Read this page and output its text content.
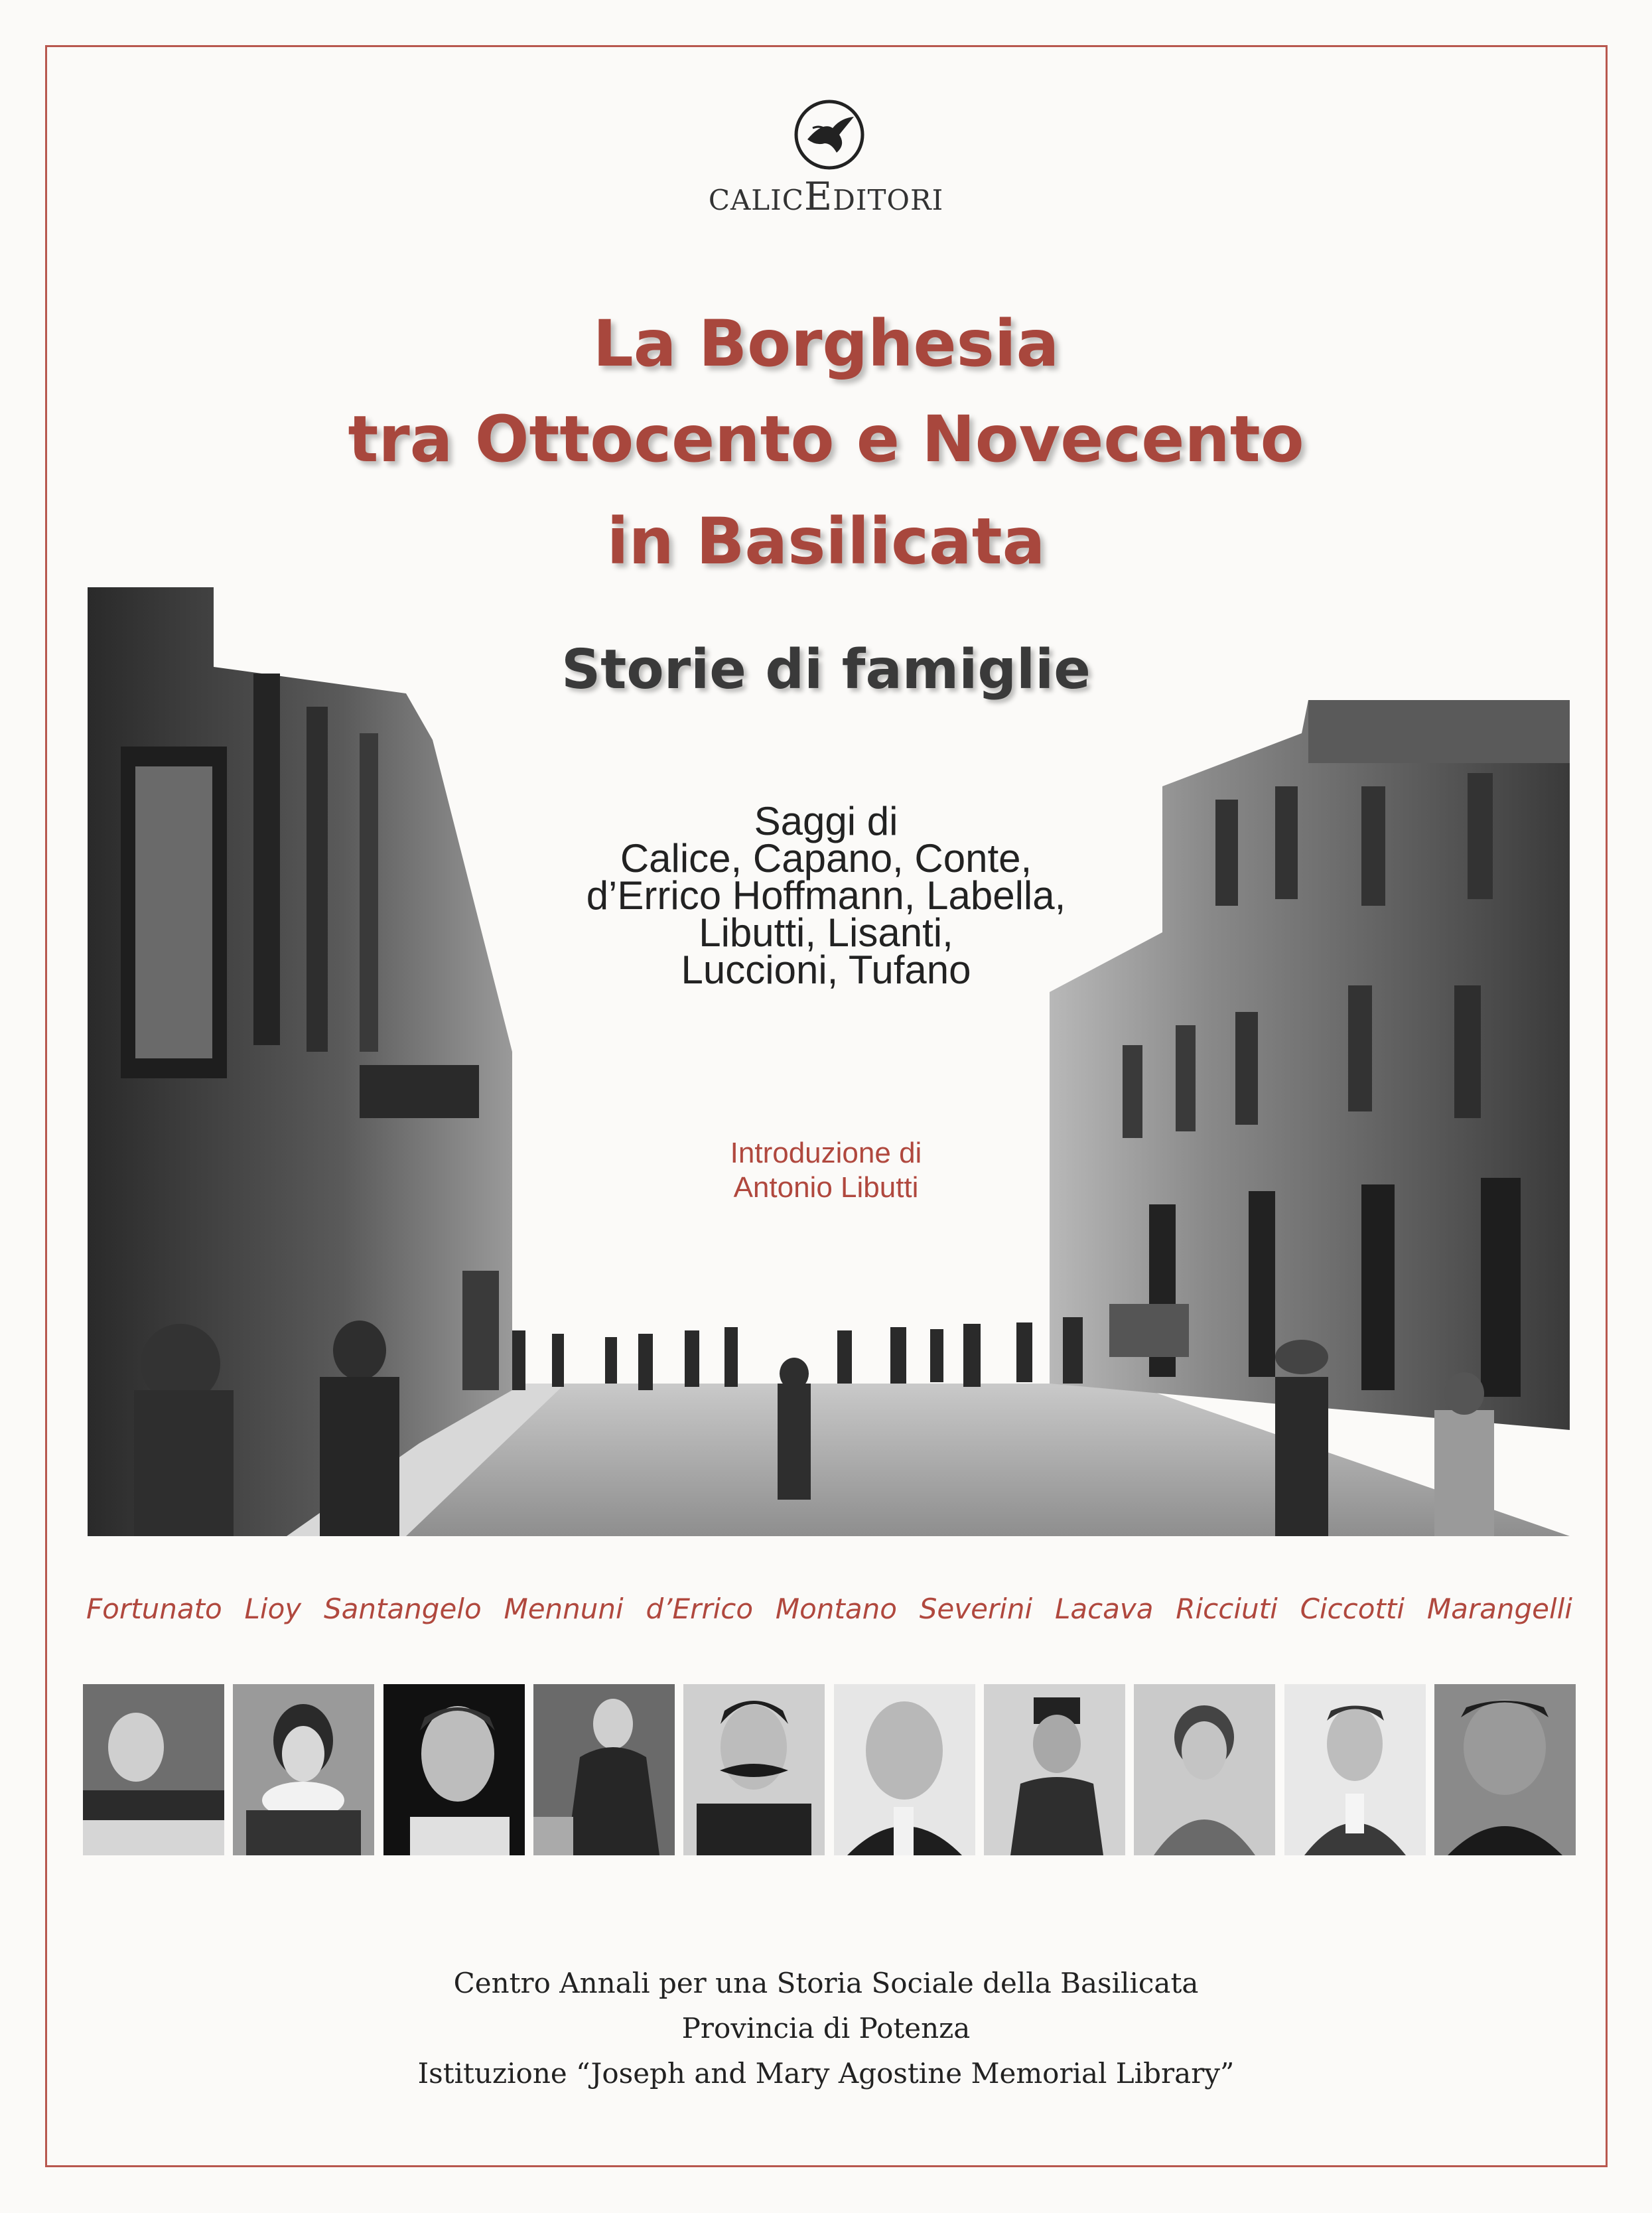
CALICEDITORI
La Borghesia
tra Ottocento e Novecento
in Basilicata
Storie di famiglie
Saggi di
Calice, Capano, Conte,
d’Errico Hoffmann, Labella,
Libutti, Lisanti,
Luccioni, Tufano
Introduzione di
Antonio Libutti
Fortunato Lioy Santangelo Mennuni d’Errico Montano Severini Lacava Ricciuti Ciccotti Marangelli
Centro Annali per una Storia Sociale della Basilicata
Provincia di Potenza
Istituzione “Joseph and Mary Agostine Memorial Library”
